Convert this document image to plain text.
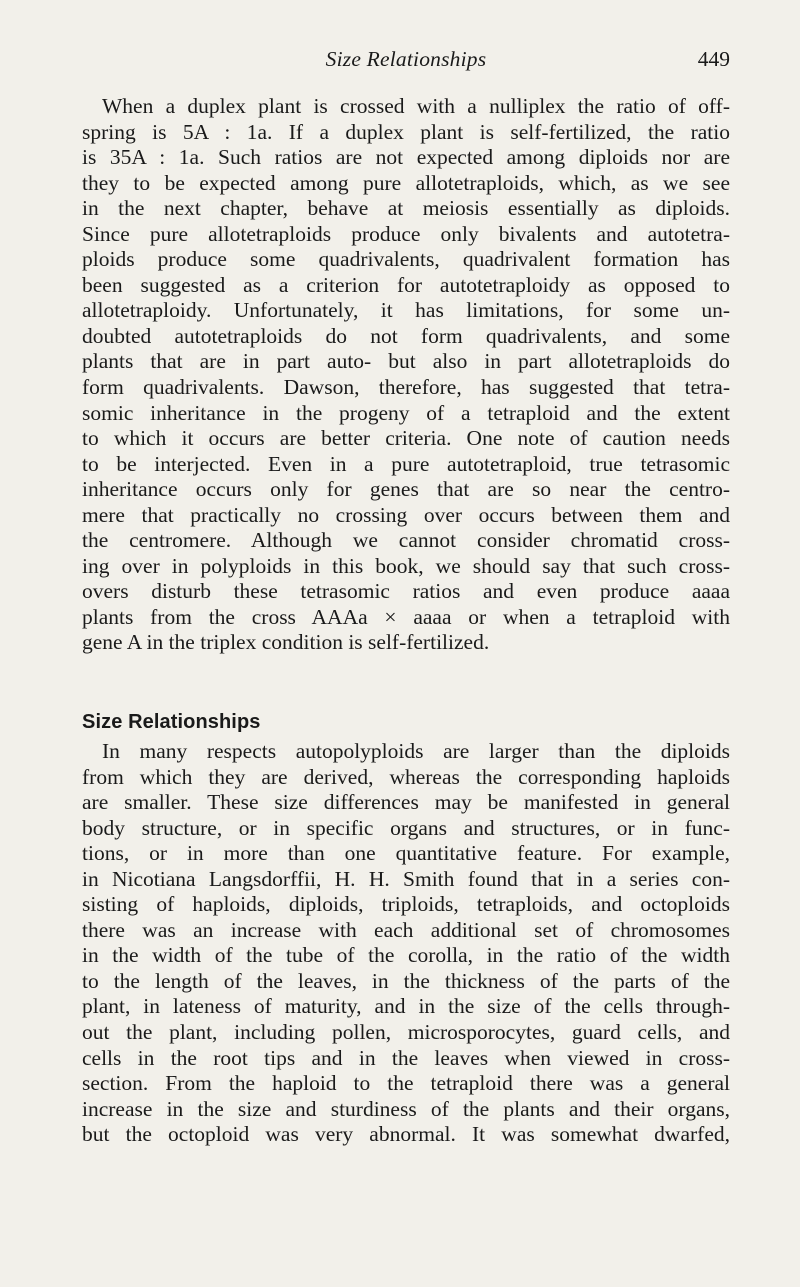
Size Relationships	449
When a duplex plant is crossed with a nulliplex the ratio of off-
spring is 5A : 1a. If a duplex plant is self-fertilized, the ratio
is 35A : 1a. Such ratios are not expected among diploids nor are
they to be expected among pure allotetraploids, which, as we see
in the next chapter, behave at meiosis essentially as diploids.
Since pure allotetraploids produce only bivalents and autotetra-
ploids produce some quadrivalents, quadrivalent formation has
been suggested as a criterion for autotetraploidy as opposed to
allotetraploidy. Unfortunately, it has limitations, for some un-
doubted autotetraploids do not form quadrivalents, and some
plants that are in part auto- but also in part allotetraploids do
form quadrivalents. Dawson, therefore, has suggested that tetra-
somic inheritance in the progeny of a tetraploid and the extent
to which it occurs are better criteria. One note of caution needs
to be interjected. Even in a pure autotetraploid, true tetrasomic
inheritance occurs only for genes that are so near the centro-
mere that practically no crossing over occurs between them and
the centromere. Although we cannot consider chromatid cross-
ing over in polyploids in this book, we should say that such cross-
overs disturb these tetrasomic ratios and even produce aaaa
plants from the cross AAAa × aaaa or when a tetraploid with
gene A in the triplex condition is self-fertilized.
Size Relationships
In many respects autopolyploids are larger than the diploids
from which they are derived, whereas the corresponding haploids
are smaller. These size differences may be manifested in general
body structure, or in specific organs and structures, or in func-
tions, or in more than one quantitative feature. For example,
in Nicotiana Langsdorffii, H. H. Smith found that in a series con-
sisting of haploids, diploids, triploids, tetraploids, and octoploids
there was an increase with each additional set of chromosomes
in the width of the tube of the corolla, in the ratio of the width
to the length of the leaves, in the thickness of the parts of the
plant, in lateness of maturity, and in the size of the cells through-
out the plant, including pollen, microsporocytes, guard cells, and
cells in the root tips and in the leaves when viewed in cross-
section. From the haploid to the tetraploid there was a general
increase in the size and sturdiness of the plants and their organs,
but the octoploid was very abnormal. It was somewhat dwarfed,
